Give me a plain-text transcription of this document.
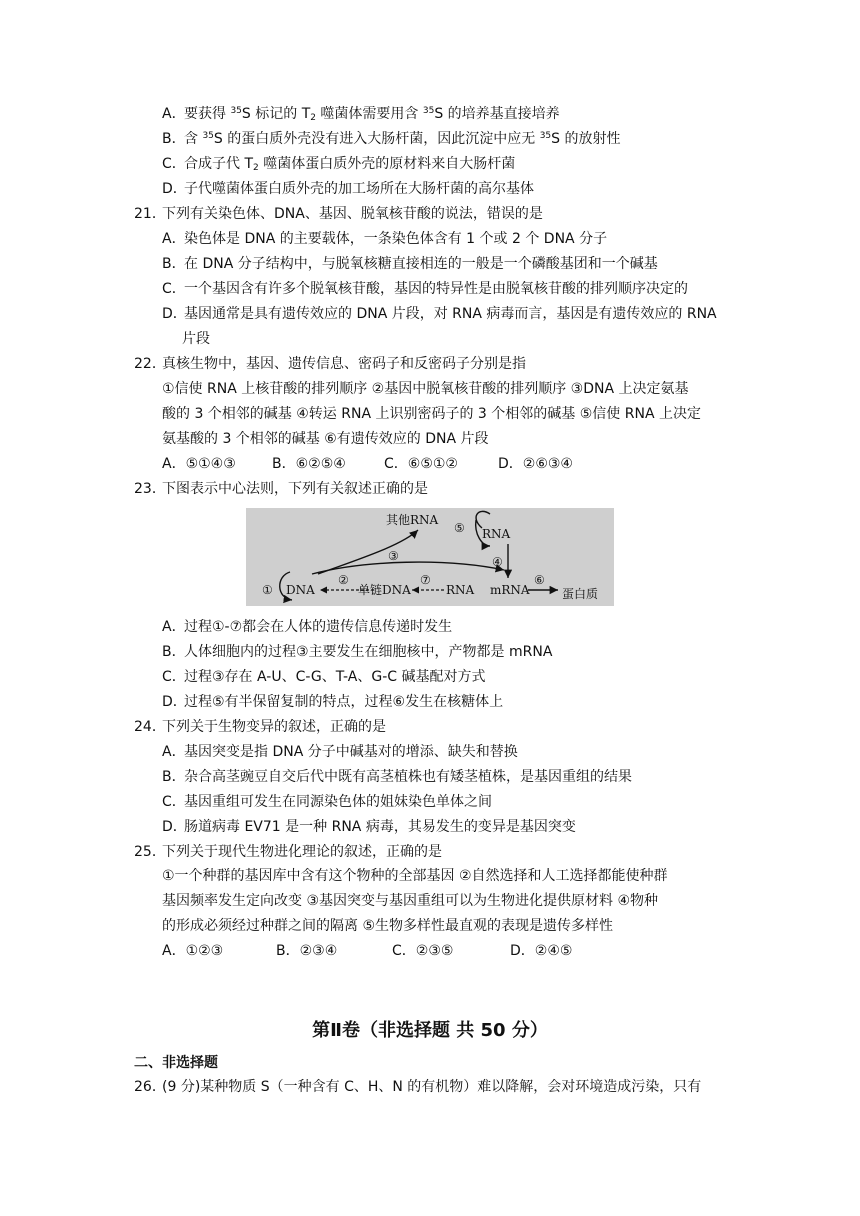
A．要获得 $^{35}$S 标记的 $T_2$ 噬菌体需要用含 $^{35}$S 的培养基直接培养
B．含 $^{35}$S 的蛋白质外壳没有进入大肠杆菌，因此沉淀中应无 $^{35}$S 的放射性
C．合成子代 $T_2$ 噬菌体蛋白质外壳的原材料来自大肠杆菌
D．子代噬菌体蛋白质外壳的加工场所在大肠杆菌的高尔基体
21．下列有关染色体、DNA、基因、脱氧核苷酸的说法，错误的是
A．染色体是 DNA 的主要载体，一条染色体含有 1 个或 2 个 DNA 分子
B．在 DNA 分子结构中，与脱氧核糖直接相连的一般是一个磷酸基团和一个碱基
C．一个基因含有许多个脱氧核苷酸，基因的特异性是由脱氧核苷酸的排列顺序决定的
D．基因通常是具有遗传效应的 DNA 片段，对 RNA 病毒而言，基因是有遗传效应的 RNA
片段
22．真核生物中，基因、遗传信息、密码子和反密码子分别是指
①信使 RNA 上核苷酸的排列顺序 ②基因中脱氧核苷酸的排列顺序 ③DNA 上决定氨基
酸的 3 个相邻的碱基 ④转运 RNA 上识别密码子的 3 个相邻的碱基 ⑤信使 RNA 上决定
氨基酸的 3 个相邻的碱基 ⑥有遗传效应的 DNA 片段
A．⑤①④③	B．⑥②⑤④	C．⑥⑤①②	D．②⑥③④
23．下图表示中心法则，下列有关叙述正确的是
其他RNA
⑤ RNA
③	④
① DNA
②
单链DNA
⑦
RNA mRNA
⑥
蛋白质
A．过程①-⑦都会在人体的遗传信息传递时发生
B．人体细胞内的过程③主要发生在细胞核中，产物都是 mRNA
C．过程③存在 A-U、C-G、T-A、G-C 碱基配对方式
D．过程⑤有半保留复制的特点，过程⑥发生在核糖体上
24．下列关于生物变异的叙述，正确的是
A．基因突变是指 DNA 分子中碱基对的增添、缺失和替换
B．杂合高茎豌豆自交后代中既有高茎植株也有矮茎植株，是基因重组的结果
C．基因重组可发生在同源染色体的姐妹染色单体之间
D．肠道病毒 EV71 是一种 RNA 病毒，其易发生的变异是基因突变
25．下列关于现代生物进化理论的叙述，正确的是
①一个种群的基因库中含有这个物种的全部基因 ②自然选择和人工选择都能使种群
基因频率发生定向改变 ③基因突变与基因重组可以为生物进化提供原材料 ④物种
的形成必须经过种群之间的隔离 ⑤生物多样性最直观的表现是遗传多样性
A．①②③	B．②③④	C．②③⑤	D．②④⑤
第Ⅱ卷（非选择题 共 50 分）
二、非选择题
26．(9 分)某种物质 S（一种含有 C、H、N 的有机物）难以降解，会对环境造成污染，只有
